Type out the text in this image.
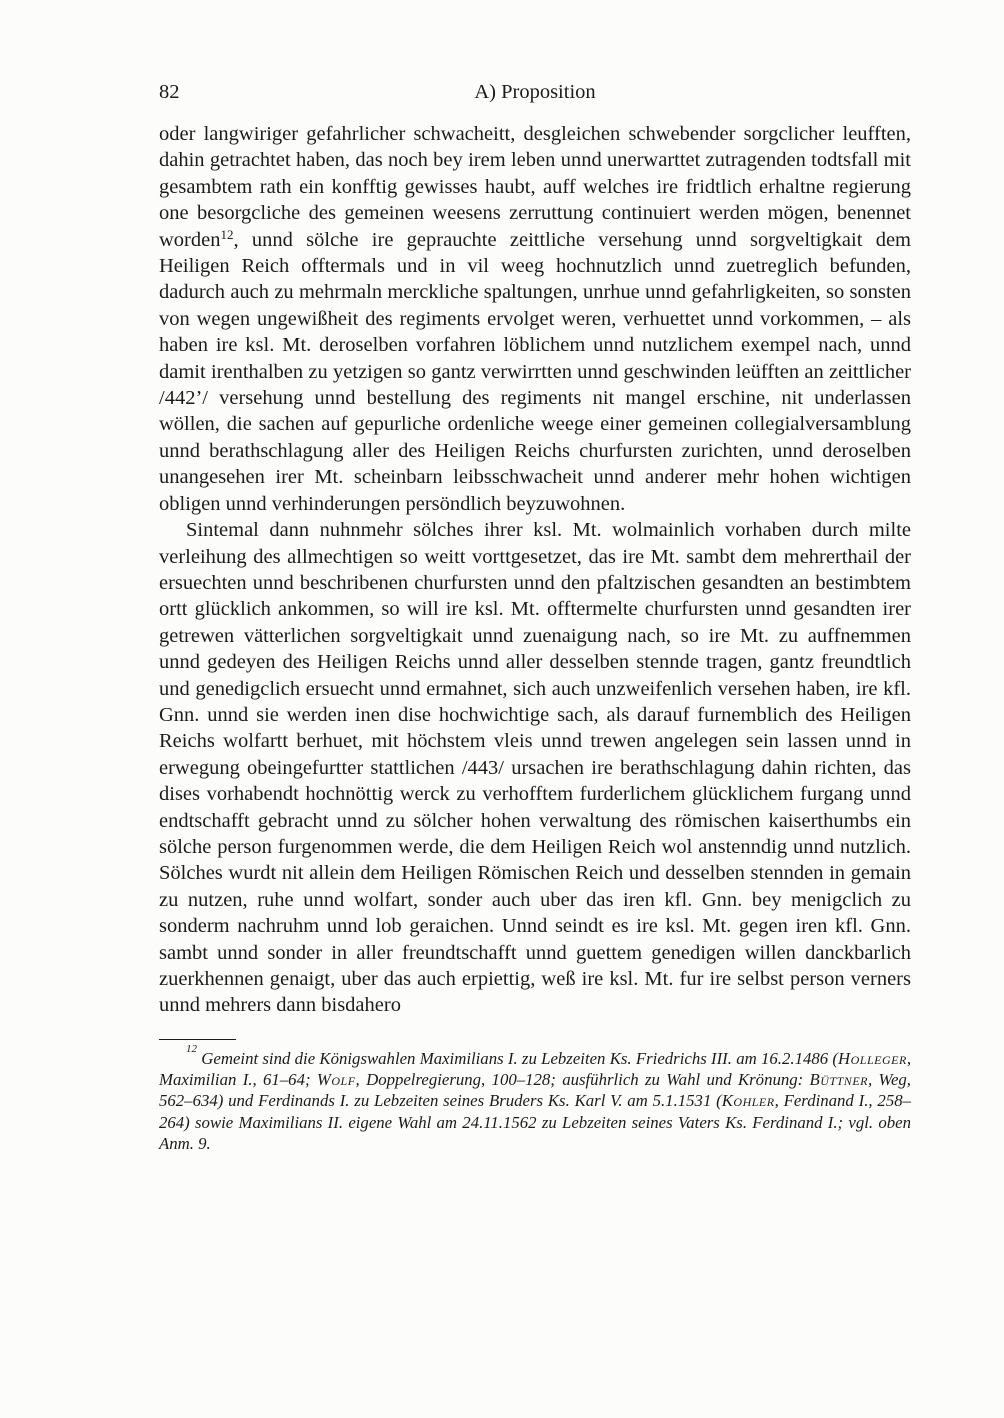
82	A) Proposition

oder langwiriger gefahrlicher schwacheitt, desgleichen schwebender sorgclicher leufften, dahin getrachtet haben, das noch bey irem leben unnd unerwarttet zutragenden todtsfall mit gesambtem rath ein konfftig gewisses haubt, auff welches ire fridtlich erhaltne regierung one besorgcliche des gemeinen weesens zerruttung continuiert werden mögen, benennet worden$^{12}$, unnd sölche ire geprauchte zeittliche versehung unnd sorgveltigkait dem Heiligen Reich offtermals und in vil weeg hochnutzlich unnd zuetreglich befunden, dadurch auch zu mehrmaln merckliche spaltungen, unrhue unnd gefahrligkeiten, so sonsten von wegen ungewißheit des regiments ervolget weren, verhuettet unnd vorkommen, – als haben ire ksl. Mt. deroselben vorfahren löblichem unnd nutzlichem exempel nach, unnd damit irenthalben zu yetzigen so gantz verwirrtten unnd geschwinden leüfften an zeittlicher /442’/ versehung unnd bestellung des regiments nit mangel erschine, nit underlassen wöllen, die sachen auf gepurliche ordenliche weege einer gemeinen collegialversamblung unnd berathschlagung aller des Heiligen Reichs churfursten zurichten, unnd deroselben unangesehen irer Mt. scheinbarn leibsschwacheit unnd anderer mehr hohen wichtigen obligen unnd verhinderungen persöndlich beyzuwohnen.

Sintemal dann nuhnmehr sölches ihrer ksl. Mt. wolmainlich vorhaben durch milte verleihung des allmechtigen so weitt vorttgesetzet, das ire Mt. sambt dem mehrerthail der ersuechten unnd beschribenen churfursten unnd den pfaltzischen gesandten an bestimbtem ortt glücklich ankommen, so will ire ksl. Mt. offtermelte churfursten unnd gesandten irer getrewen vätterlichen sorgveltigkait unnd zuenaigung nach, so ire Mt. zu auffnemmen unnd gedeyen des Heiligen Reichs unnd aller desselben stennde tragen, gantz freundtlich und genedigclich ersuecht unnd ermahnet, sich auch unzweifenlich versehen haben, ire kfl. Gnn. unnd sie werden inen dise hochwichtige sach, als darauf furnemblich des Heiligen Reichs wolfartt berhuet, mit höchstem vleis unnd trewen angelegen sein lassen unnd in erwegung obeingefurtter stattlichen /443/ ursachen ire berathschlagung dahin richten, das dises vorhabendt hochnöttig werck zu verhofftem furderlichem glücklichem furgang unnd endtschafft gebracht unnd zu sölcher hohen verwaltung des römischen kaiserthumbs ein sölche person furgenommen werde, die dem Heiligen Reich wol anstenndig unnd nutzlich. Sölches wurdt nit allein dem Heiligen Römischen Reich und desselben stennden in gemain zu nutzen, ruhe unnd wolfart, sonder auch uber das iren kfl. Gnn. bey menigclich zu sonderm nachruhm unnd lob geraichen. Unnd seindt es ire ksl. Mt. gegen iren kfl. Gnn. sambt unnd sonder in aller freundtschafft unnd guettem genedigen willen danckbarlich zuerkhennen genaigt, uber das auch erpiettig, weß ire ksl. Mt. fur ire selbst person verners unnd mehrers dann bisdahero

$^{12}$ Gemeint sind die Königswahlen Maximilians I. zu Lebzeiten Ks. Friedrichs III. am 16.2.1486 (Holleger, Maximilian I., 61–64; Wolf, Doppelregierung, 100–128; ausführlich zu Wahl und Krönung: Büttner, Weg, 562–634) und Ferdinands I. zu Lebzeiten seines Bruders Ks. Karl V. am 5.1.1531 (Kohler, Ferdinand I., 258–264) sowie Maximilians II. eigene Wahl am 24.11.1562 zu Lebzeiten seines Vaters Ks. Ferdinand I.; vgl. oben Anm. 9.
